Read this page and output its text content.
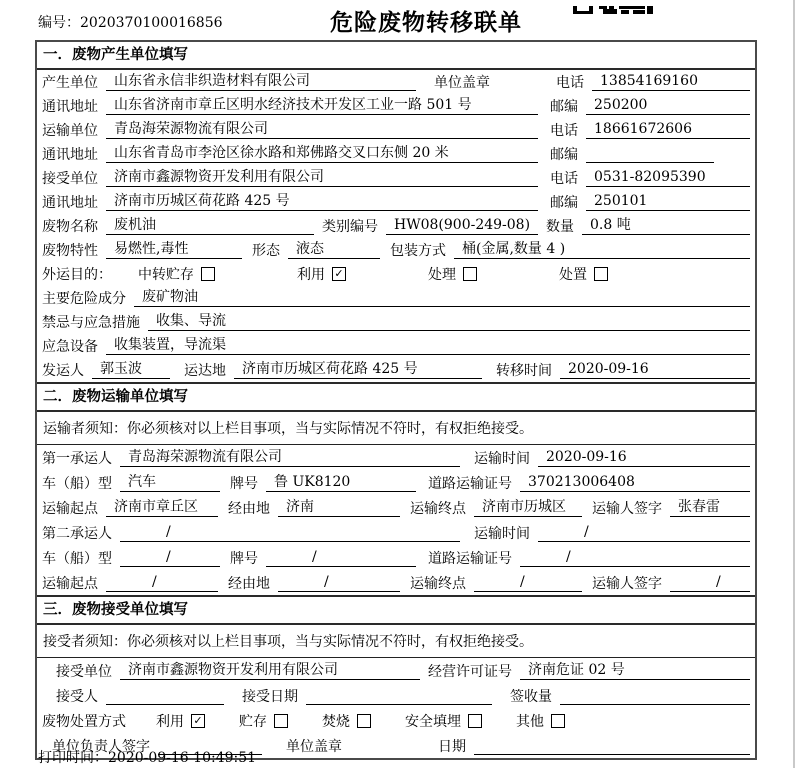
编号：2020370100016856	危险废物转移联单
一．废物产生单位填写
产生单位	山东省永信非织造材料有限公司	单位盖章	电话	13854169160
通讯地址	山东省济南市章丘区明水经济技术开发区工业一路 501 号	邮编	250200
运输单位	青岛海荣源物流有限公司	电话	18661672606
通讯地址	山东省青岛市李沧区徐水路和郑佛路交叉口东侧 20 米	邮编
接受单位	济南市鑫源物资开发利用有限公司	电话	0531-82095390
通讯地址	济南市历城区荷花路 425 号	邮编	250101
废物名称	废机油	类别编号	HW08(900-249-08) 数量	0.8 吨
废物特性	易燃性,毒性	形态	液态	包装方式	桶(金属,数量 4 )
外运目的： 中转贮存	利用 ✓	处理	处置
主要危险成分	废矿物油
禁忌与应急措施	收集、导流
应急设备	收集装置，导流渠
发运人	郭玉波	运达地	济南市历城区荷花路 425 号	转移时间	2020-09-16
二．废物运输单位填写
运输者须知：你必须核对以上栏目事项，当与实际情况不符时，有权拒绝接受。
第一承运人	青岛海荣源物流有限公司	运输时间	2020-09-16
车（船）型	汽车	牌号	鲁 UK8120	道路运输证号	370213006408
运输起点	济南市章丘区 经由地	济南	运输终点	济南市历城区 运输人签字	张春雷
第二承运人	/	运输时间	/
车（船）型	/	牌号	/	道路运输证号	/
运输起点	/	经由地	/	运输终点	/	运输人签字	/
三．废物接受单位填写
接受者须知：你必须核对以上栏目事项，当与实际情况不符时，有权拒绝接受。
接受单位	济南市鑫源物资开发利用有限公司	经营许可证号	济南危证 02 号
接受人	接受日期	签收量
废物处置方式 利用 ✓	贮存	焚烧	安全填埋	其他
单位负责人签字	单位盖章	日期
打印时间：2020-09-16 10:49:51
